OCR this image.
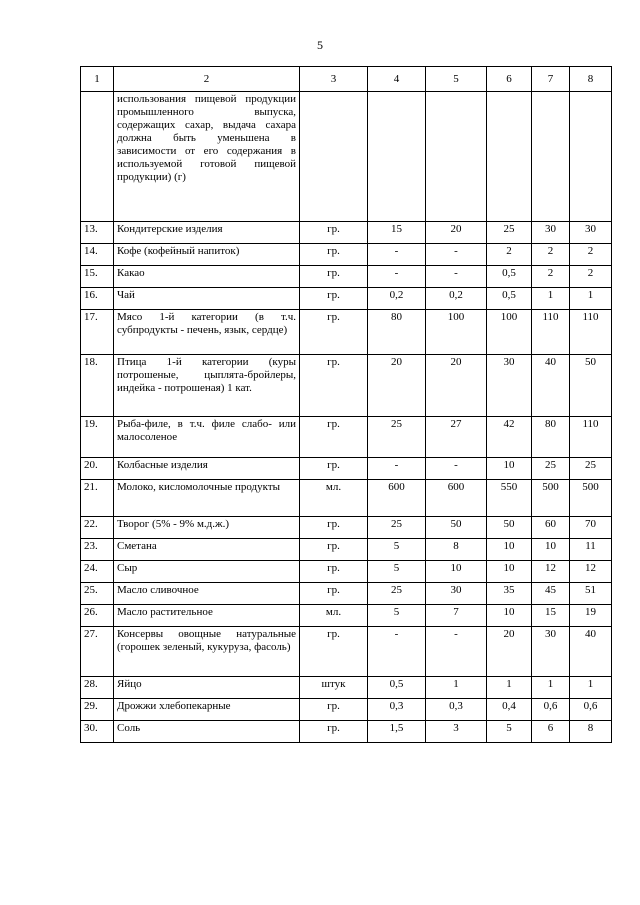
5
1	2	3	4	5	6	7	8
	использования пищевой продукции промышленного выпуска, содержащих сахар, выдача сахара должна быть уменьшена в зависимости от его содержания в используемой готовой пищевой продукции) (г)						
13.	Кондитерские изделия	гр.	15	20	25	30	30
14.	Кофе (кофейный напиток)	гр.	-	-	2	2	2
15.	Какао	гр.	-	-	0,5	2	2
16.	Чай	гр.	0,2	0,2	0,5	1	1
17.	Мясо 1-й категории (в т.ч. субпродукты - печень, язык, сердце)	гр.	80	100	100	110	110
18.	Птица 1-й категории (куры потрошеные, цыплята-бройлеры, индейка - потрошеная) 1 кат.	гр.	20	20	30	40	50
19.	Рыба-филе, в т.ч. филе слабо- или малосоленое	гр.	25	27	42	80	110
20.	Колбасные изделия	гр.	-	-	10	25	25
21.	Молоко, кисломолочные продукты	мл.	600	600	550	500	500
22.	Творог (5% - 9% м.д.ж.)	гр.	25	50	50	60	70
23.	Сметана	гр.	5	8	10	10	11
24.	Сыр	гр.	5	10	10	12	12
25.	Масло сливочное	гр.	25	30	35	45	51
26.	Масло растительное	мл.	5	7	10	15	19
27.	Консервы овощные натуральные (горошек зеленый, кукуруза, фасоль)	гр.	-	-	20	30	40
28.	Яйцо	штук	0,5	1	1	1	1
29.	Дрожжи хлебопекарные	гр.	0,3	0,3	0,4	0,6	0,6
30.	Соль	гр.	1,5	3	5	6	8
